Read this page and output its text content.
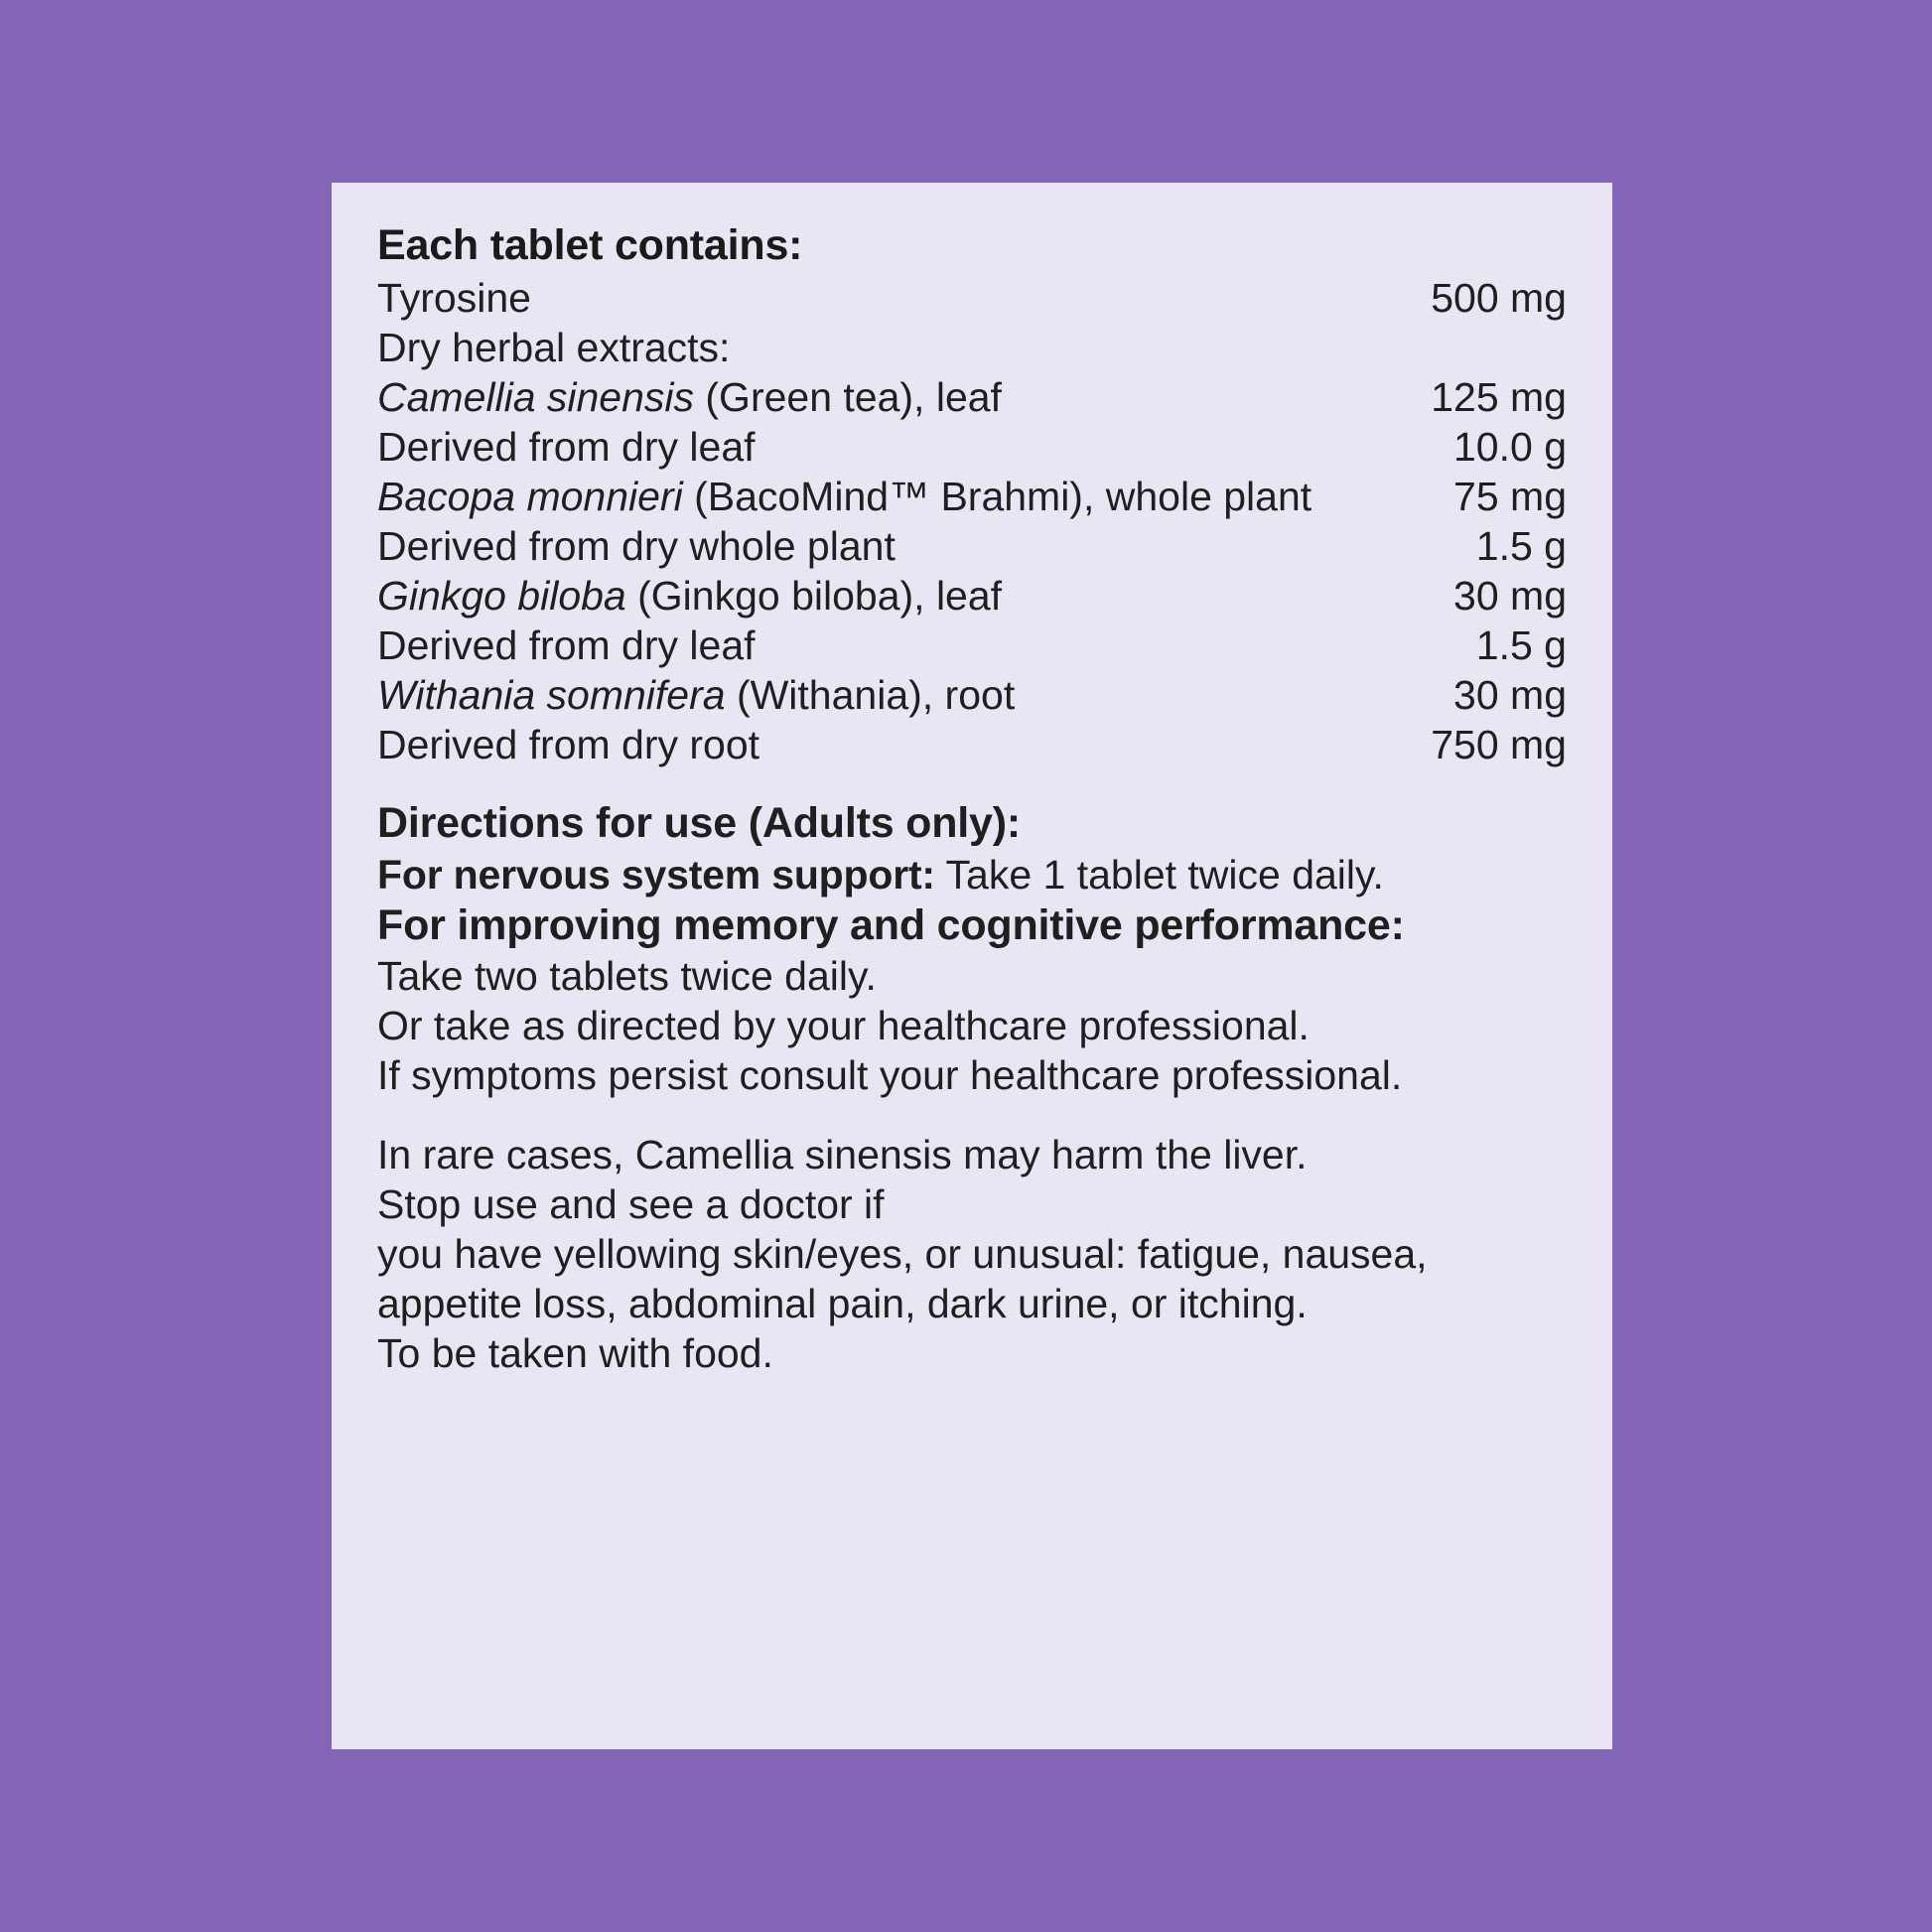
Each tablet contains:
Tyrosine	500 mg
Dry herbal extracts:	
Camellia sinensis (Green tea), leaf	125 mg
Derived from dry leaf	10.0 g
Bacopa monnieri (BacoMind™ Brahmi), whole plant	75 mg
Derived from dry whole plant	1.5 g
Ginkgo biloba (Ginkgo biloba), leaf	30 mg
Derived from dry leaf	1.5 g
Withania somnifera (Withania), root	30 mg
Derived from dry root	750 mg
Directions for use (Adults only):
For nervous system support: Take 1 tablet twice daily.
For improving memory and cognitive performance:
Take two tablets twice daily.
Or take as directed by your healthcare professional.
If symptoms persist consult your healthcare professional.
In rare cases, Camellia sinensis may harm the liver.
Stop use and see a doctor if
you have yellowing skin/eyes, or unusual: fatigue, nausea,
appetite loss, abdominal pain, dark urine, or itching.
To be taken with food.
